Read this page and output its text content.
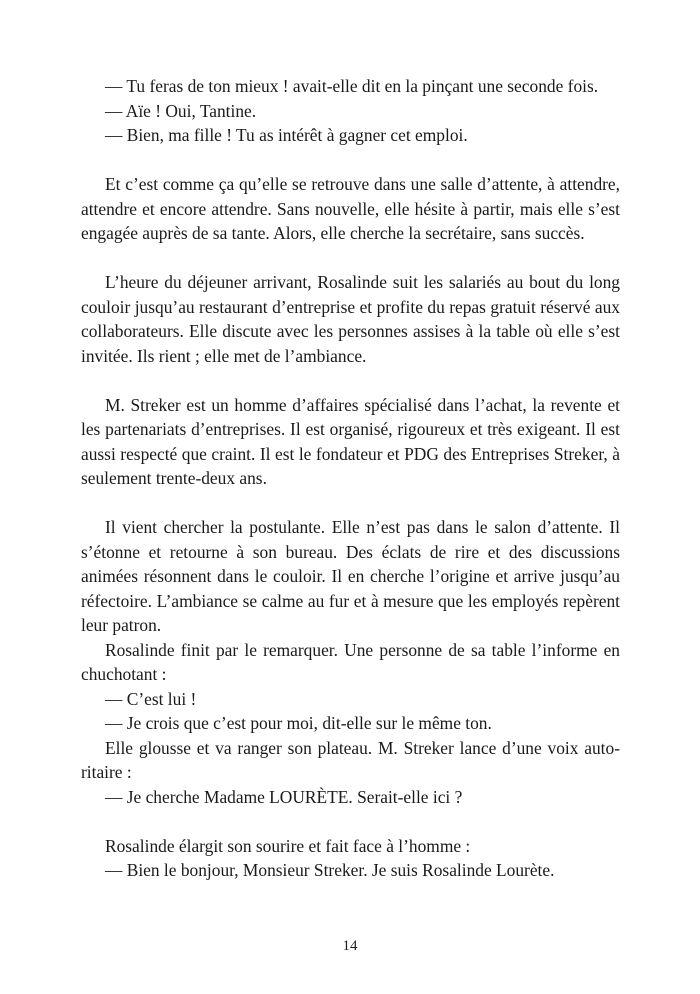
— Tu feras de ton mieux ! avait-elle dit en la pinçant une seconde fois.

— Aïe ! Oui, Tantine.

— Bien, ma fille ! Tu as intérêt à gagner cet emploi.

Et c’est comme ça qu’elle se retrouve dans une salle d’attente, à attendre, attendre et encore attendre. Sans nouvelle, elle hésite à partir, mais elle s’est engagée auprès de sa tante. Alors, elle cherche la secrétaire, sans succès.

L’heure du déjeuner arrivant, Rosalinde suit les salariés au bout du long couloir jusqu’au restaurant d’entreprise et profite du repas gratuit réservé aux collaborateurs. Elle discute avec les personnes assises à la table où elle s’est invitée. Ils rient ; elle met de l’ambiance.

M. Streker est un homme d’affaires spécialisé dans l’achat, la revente et les partenariats d’entreprises. Il est organisé, rigoureux et très exigeant. Il est aussi respecté que craint. Il est le fondateur et PDG des Entreprises Streker, à seulement trente-deux ans.

Il vient chercher la postulante. Elle n’est pas dans le salon d’attente. Il s’étonne et retourne à son bureau. Des éclats de rire et des discussions animées résonnent dans le couloir. Il en cherche l’origine et arrive jusqu’au réfectoire. L’ambiance se calme au fur et à mesure que les employés repèrent leur patron.

Rosalinde finit par le remarquer. Une personne de sa table l’informe en chuchotant :

— C’est lui !

— Je crois que c’est pour moi, dit-elle sur le même ton.

Elle glousse et va ranger son plateau. M. Streker lance d’une voix autoritaire :

— Je cherche Madame LOURÈTE. Serait-elle ici ?

Rosalinde élargit son sourire et fait face à l’homme :

— Bien le bonjour, Monsieur Streker. Je suis Rosalinde Lourète.

14
